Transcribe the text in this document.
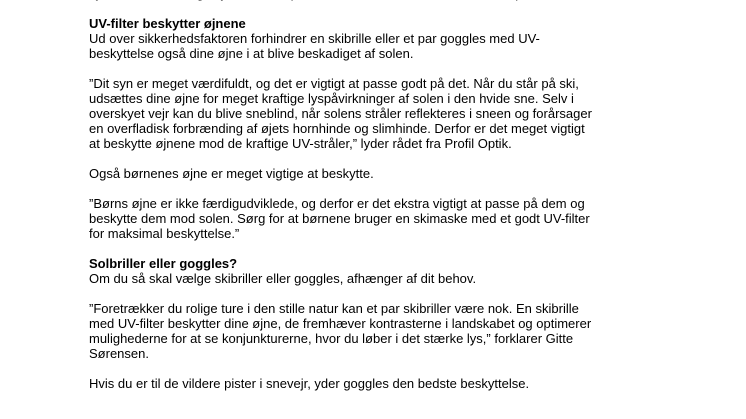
UV-filter beskytter øjnene
Ud over sikkerhedsfaktoren forhindrer en skibrille eller et par goggles med UV-
beskyttelse også dine øjne i at blive beskadiget af solen.
”Dit syn er meget værdifuldt, og det er vigtigt at passe godt på det. Når du står på ski,
udsættes dine øjne for meget kraftige lyspåvirkninger af solen i den hvide sne. Selv i
overskyet vejr kan du blive sneblind, når solens stråler reflekteres i sneen og forårsager
en overfladisk forbrænding af øjets hornhinde og slimhinde. Derfor er det meget vigtigt
at beskytte øjnene mod de kraftige UV-stråler,” lyder rådet fra Profil Optik.
Også børnenes øjne er meget vigtige at beskytte.
”Børns øjne er ikke færdigudviklede, og derfor er det ekstra vigtigt at passe på dem og
beskytte dem mod solen. Sørg for at børnene bruger en skimaske med et godt UV-filter
for maksimal beskyttelse.”
Solbriller eller goggles?
Om du så skal vælge skibriller eller goggles, afhænger af dit behov.
”Foretrækker du rolige ture i den stille natur kan et par skibriller være nok. En skibrille
med UV-filter beskytter dine øjne, de fremhæver kontrasterne i landskabet og optimerer
mulighederne for at se konjunkturerne, hvor du løber i det stærke lys,” forklarer Gitte
Sørensen.
Hvis du er til de vildere pister i snevejr, yder goggles den bedste beskyttelse.
